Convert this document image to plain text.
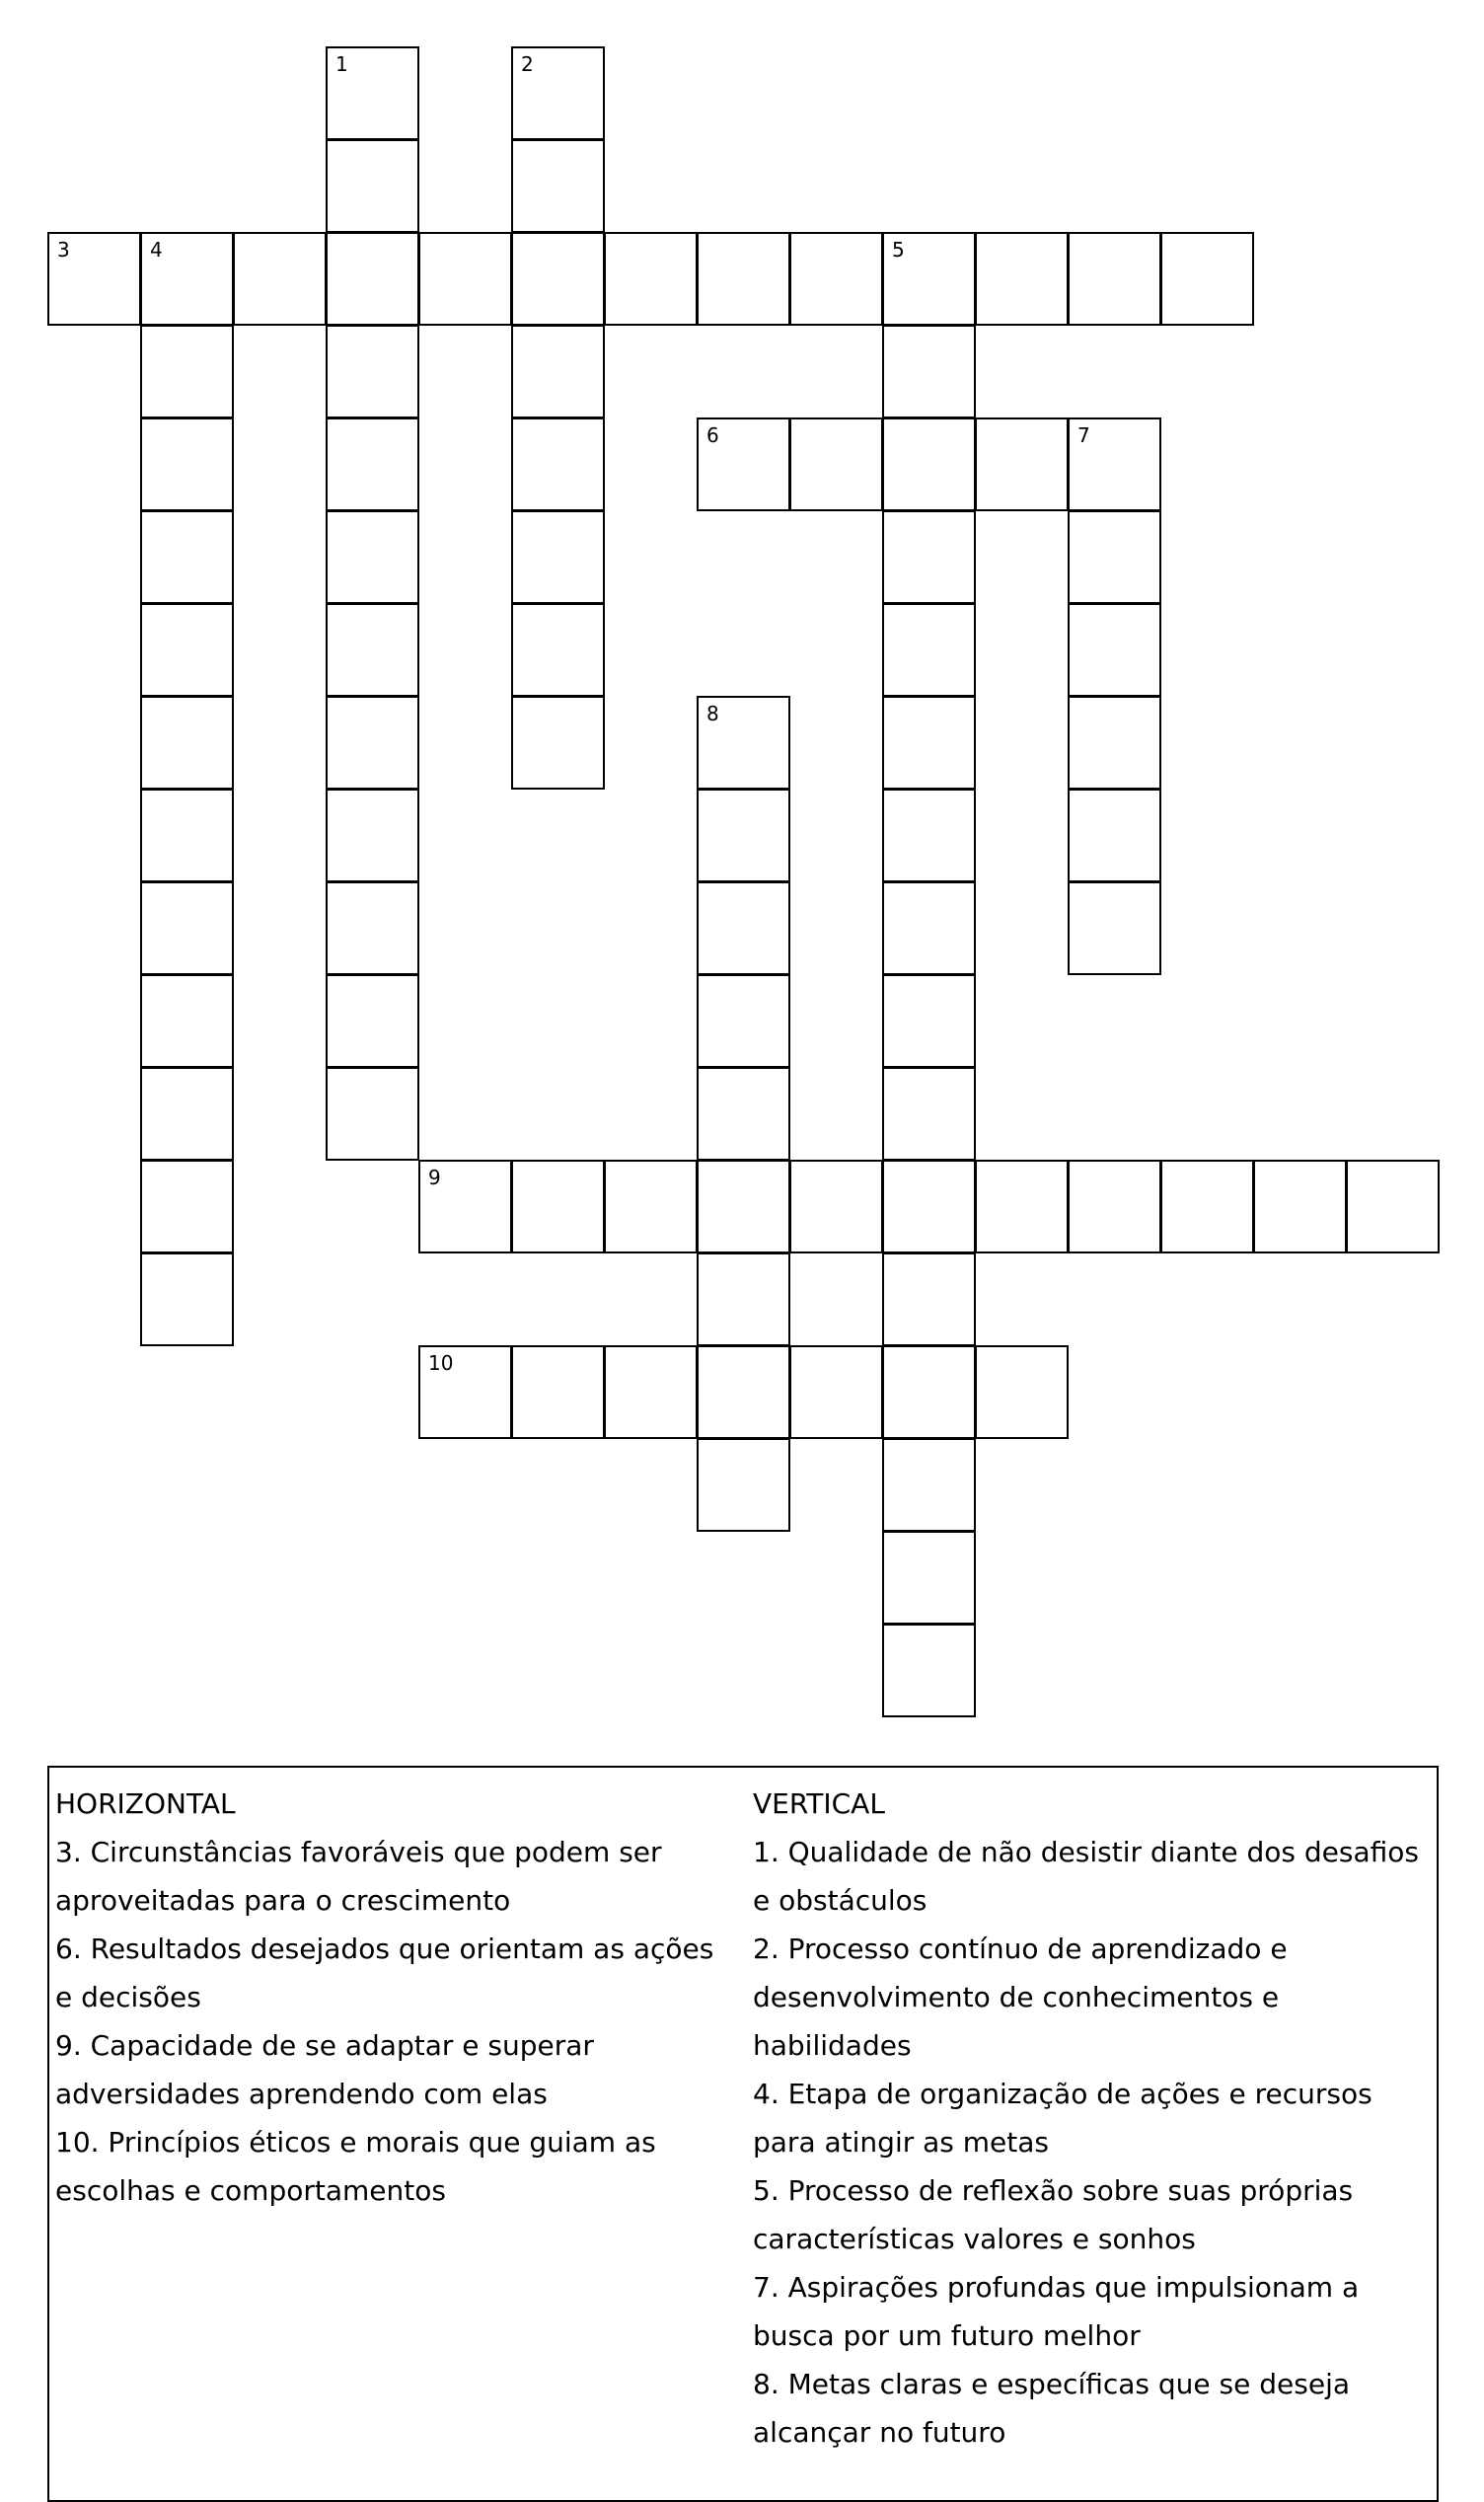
1	2
3	4	5
6	7
8
9
10
HORIZONTAL
3. Circunstâncias favoráveis que podem ser aproveitadas para o crescimento
6. Resultados desejados que orientam as ações e decisões
9. Capacidade de se adaptar e superar adversidades aprendendo com elas
10. Princípios éticos e morais que guiam as escolhas e comportamentos
VERTICAL
1. Qualidade de não desistir diante dos desafios e obstáculos
2. Processo contínuo de aprendizado e desenvolvimento de conhecimentos e habilidades
4. Etapa de organização de ações e recursos para atingir as metas
5. Processo de reflexão sobre suas próprias características valores e sonhos
7. Aspirações profundas que impulsionam a busca por um futuro melhor
8. Metas claras e específicas que se deseja alcançar no futuro
